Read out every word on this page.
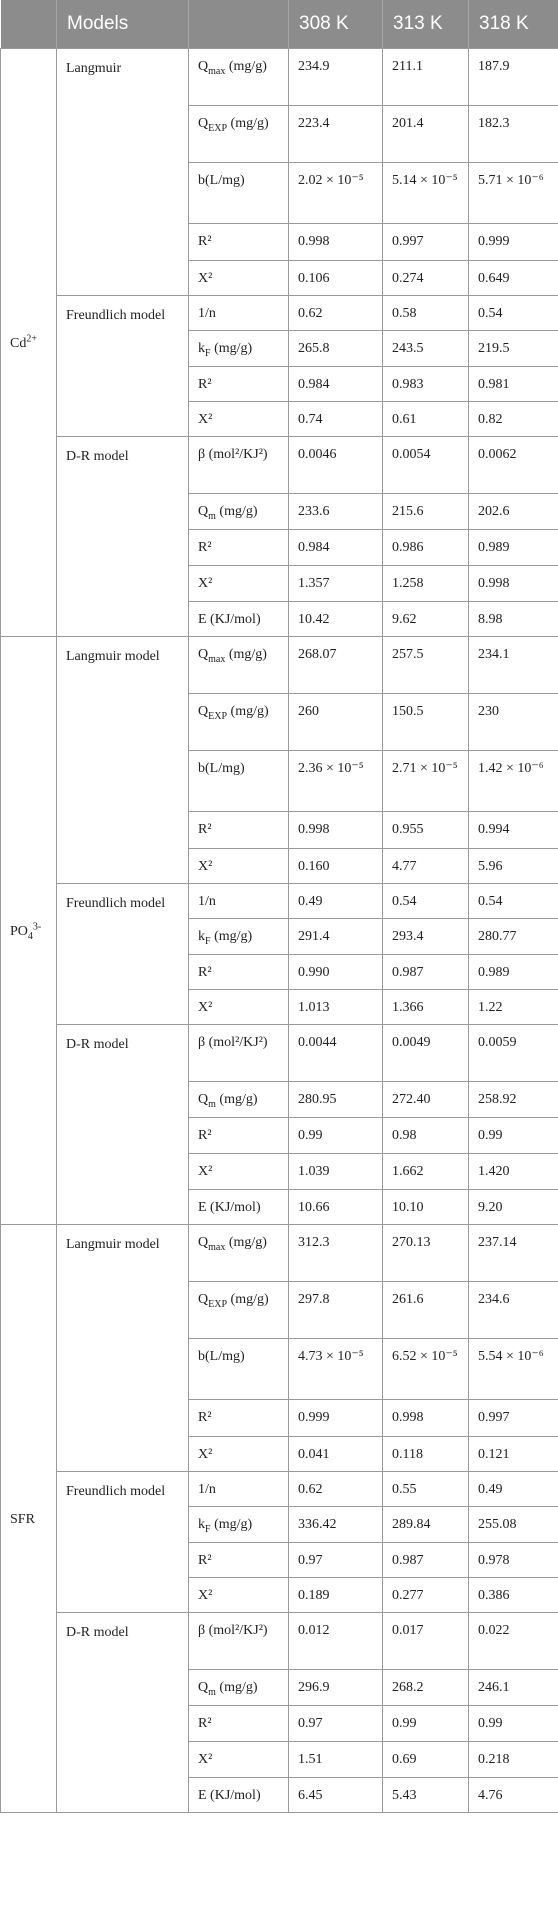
	Models		308 K	313 K	318 K
$Cd^{2+}$	Langmuir	$Q_{max}$ (mg/g)	234.9	211.1	187.9
		$Q_{EXP}$ (mg/g)	223.4	201.4	182.3
		b(L/mg)	2.02 × 10⁻⁵	5.14 × 10⁻⁵	5.71 × 10⁻⁶
		R²	0.998	0.997	0.999
		X²	0.106	0.274	0.649
	Freundlich model	1/n	0.62	0.58	0.54
		$k_F$ (mg/g)	265.8	243.5	219.5
		R²	0.984	0.983	0.981
		X²	0.74	0.61	0.82
	D-R model	β (mol²/KJ²)	0.0046	0.0054	0.0062
		$Q_m$ (mg/g)	233.6	215.6	202.6
		R²	0.984	0.986	0.989
		X²	1.357	1.258	0.998
		E (KJ/mol)	10.42	9.62	8.98
$PO_4^{3-}$	Langmuir model	$Q_{max}$ (mg/g)	268.07	257.5	234.1
		$Q_{EXP}$ (mg/g)	260	150.5	230
		b(L/mg)	2.36 × 10⁻⁵	2.71 × 10⁻⁵	1.42 × 10⁻⁶
		R²	0.998	0.955	0.994
		X²	0.160	4.77	5.96
	Freundlich model	1/n	0.49	0.54	0.54
		$k_F$ (mg/g)	291.4	293.4	280.77
		R²	0.990	0.987	0.989
		X²	1.013	1.366	1.22
	D-R model	β (mol²/KJ²)	0.0044	0.0049	0.0059
		$Q_m$ (mg/g)	280.95	272.40	258.92
		R²	0.99	0.98	0.99
		X²	1.039	1.662	1.420
		E (KJ/mol)	10.66	10.10	9.20
SFR	Langmuir model	$Q_{max}$ (mg/g)	312.3	270.13	237.14
		$Q_{EXP}$ (mg/g)	297.8	261.6	234.6
		b(L/mg)	4.73 × 10⁻⁵	6.52 × 10⁻⁵	5.54 × 10⁻⁶
		R²	0.999	0.998	0.997
		X²	0.041	0.118	0.121
	Freundlich model	1/n	0.62	0.55	0.49
		$k_F$ (mg/g)	336.42	289.84	255.08
		R²	0.97	0.987	0.978
		X²	0.189	0.277	0.386
	D-R model	β (mol²/KJ²)	0.012	0.017	0.022
		$Q_m$ (mg/g)	296.9	268.2	246.1
		R²	0.97	0.99	0.99
		X²	1.51	0.69	0.218
		E (KJ/mol)	6.45	5.43	4.76
